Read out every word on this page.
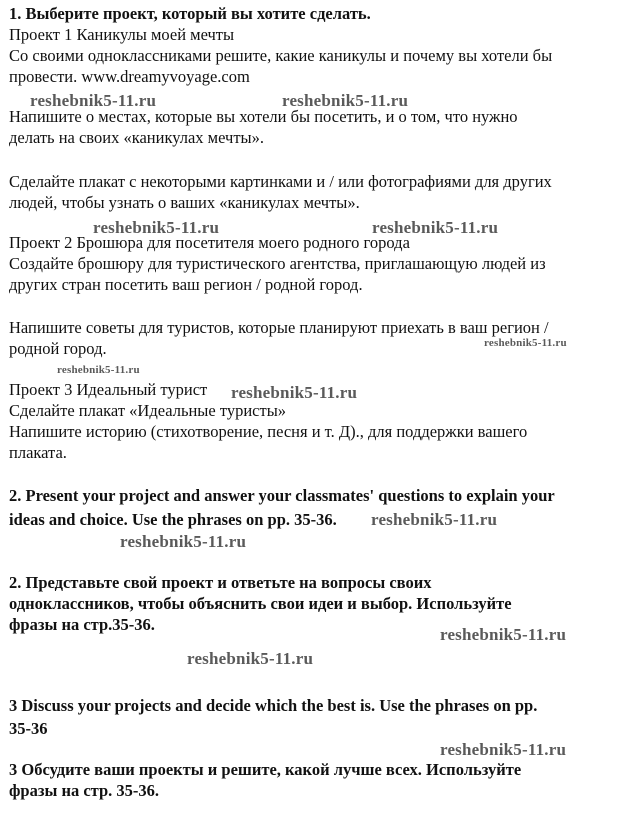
1. Выберите проект, который вы хотите сделать.
Проект 1 Каникулы моей мечты
Со своими одноклассниками решите, какие каникулы и почему вы хотели бы
провести. www.dreamyvoyage.com
Напишите о местах, которые вы хотели бы посетить, и о том, что нужно
делать на своих «каникулах мечты».
Сделайте плакат с некоторыми картинками и / или фотографиями для других
людей, чтобы узнать о ваших «каникулах мечты».
Проект 2 Брошюра для посетителя моего родного города
Создайте брошюру для туристического агентства, приглашающую людей из
других стран посетить ваш регион / родной город.
Напишите советы для туристов, которые планируют приехать в ваш регион /
родной город.
Проект 3 Идеальный турист
Сделайте плакат «Идеальные туристы»
Напишите историю (стихотворение, песня и т. Д)., для поддержки вашего
плаката.
2. Present your project and answer your classmates' questions to explain your
ideas and choice. Use the phrases on pp. 35-36.
2. Представьте свой проект и ответьте на вопросы своих
одноклассников, чтобы объяснить свои идеи и выбор. Используйте
фразы на стр.35-36.
3 Discuss your projects and decide which the best is. Use the phrases on pp.
35-36
3 Обсудите ваши проекты и решите, какой лучше всех. Используйте
фразы на стр. 35-36.
reshebnik5-11.ru	reshebnik5-11.ru
reshebnik5-11.ru	reshebnik5-11.ru
reshebnik5-11.ru
reshebnik5-11.ru
reshebnik5-11.ru
reshebnik5-11.ru
reshebnik5-11.ru
reshebnik5-11.ru
reshebnik5-11.ru
reshebnik5-11.ru
